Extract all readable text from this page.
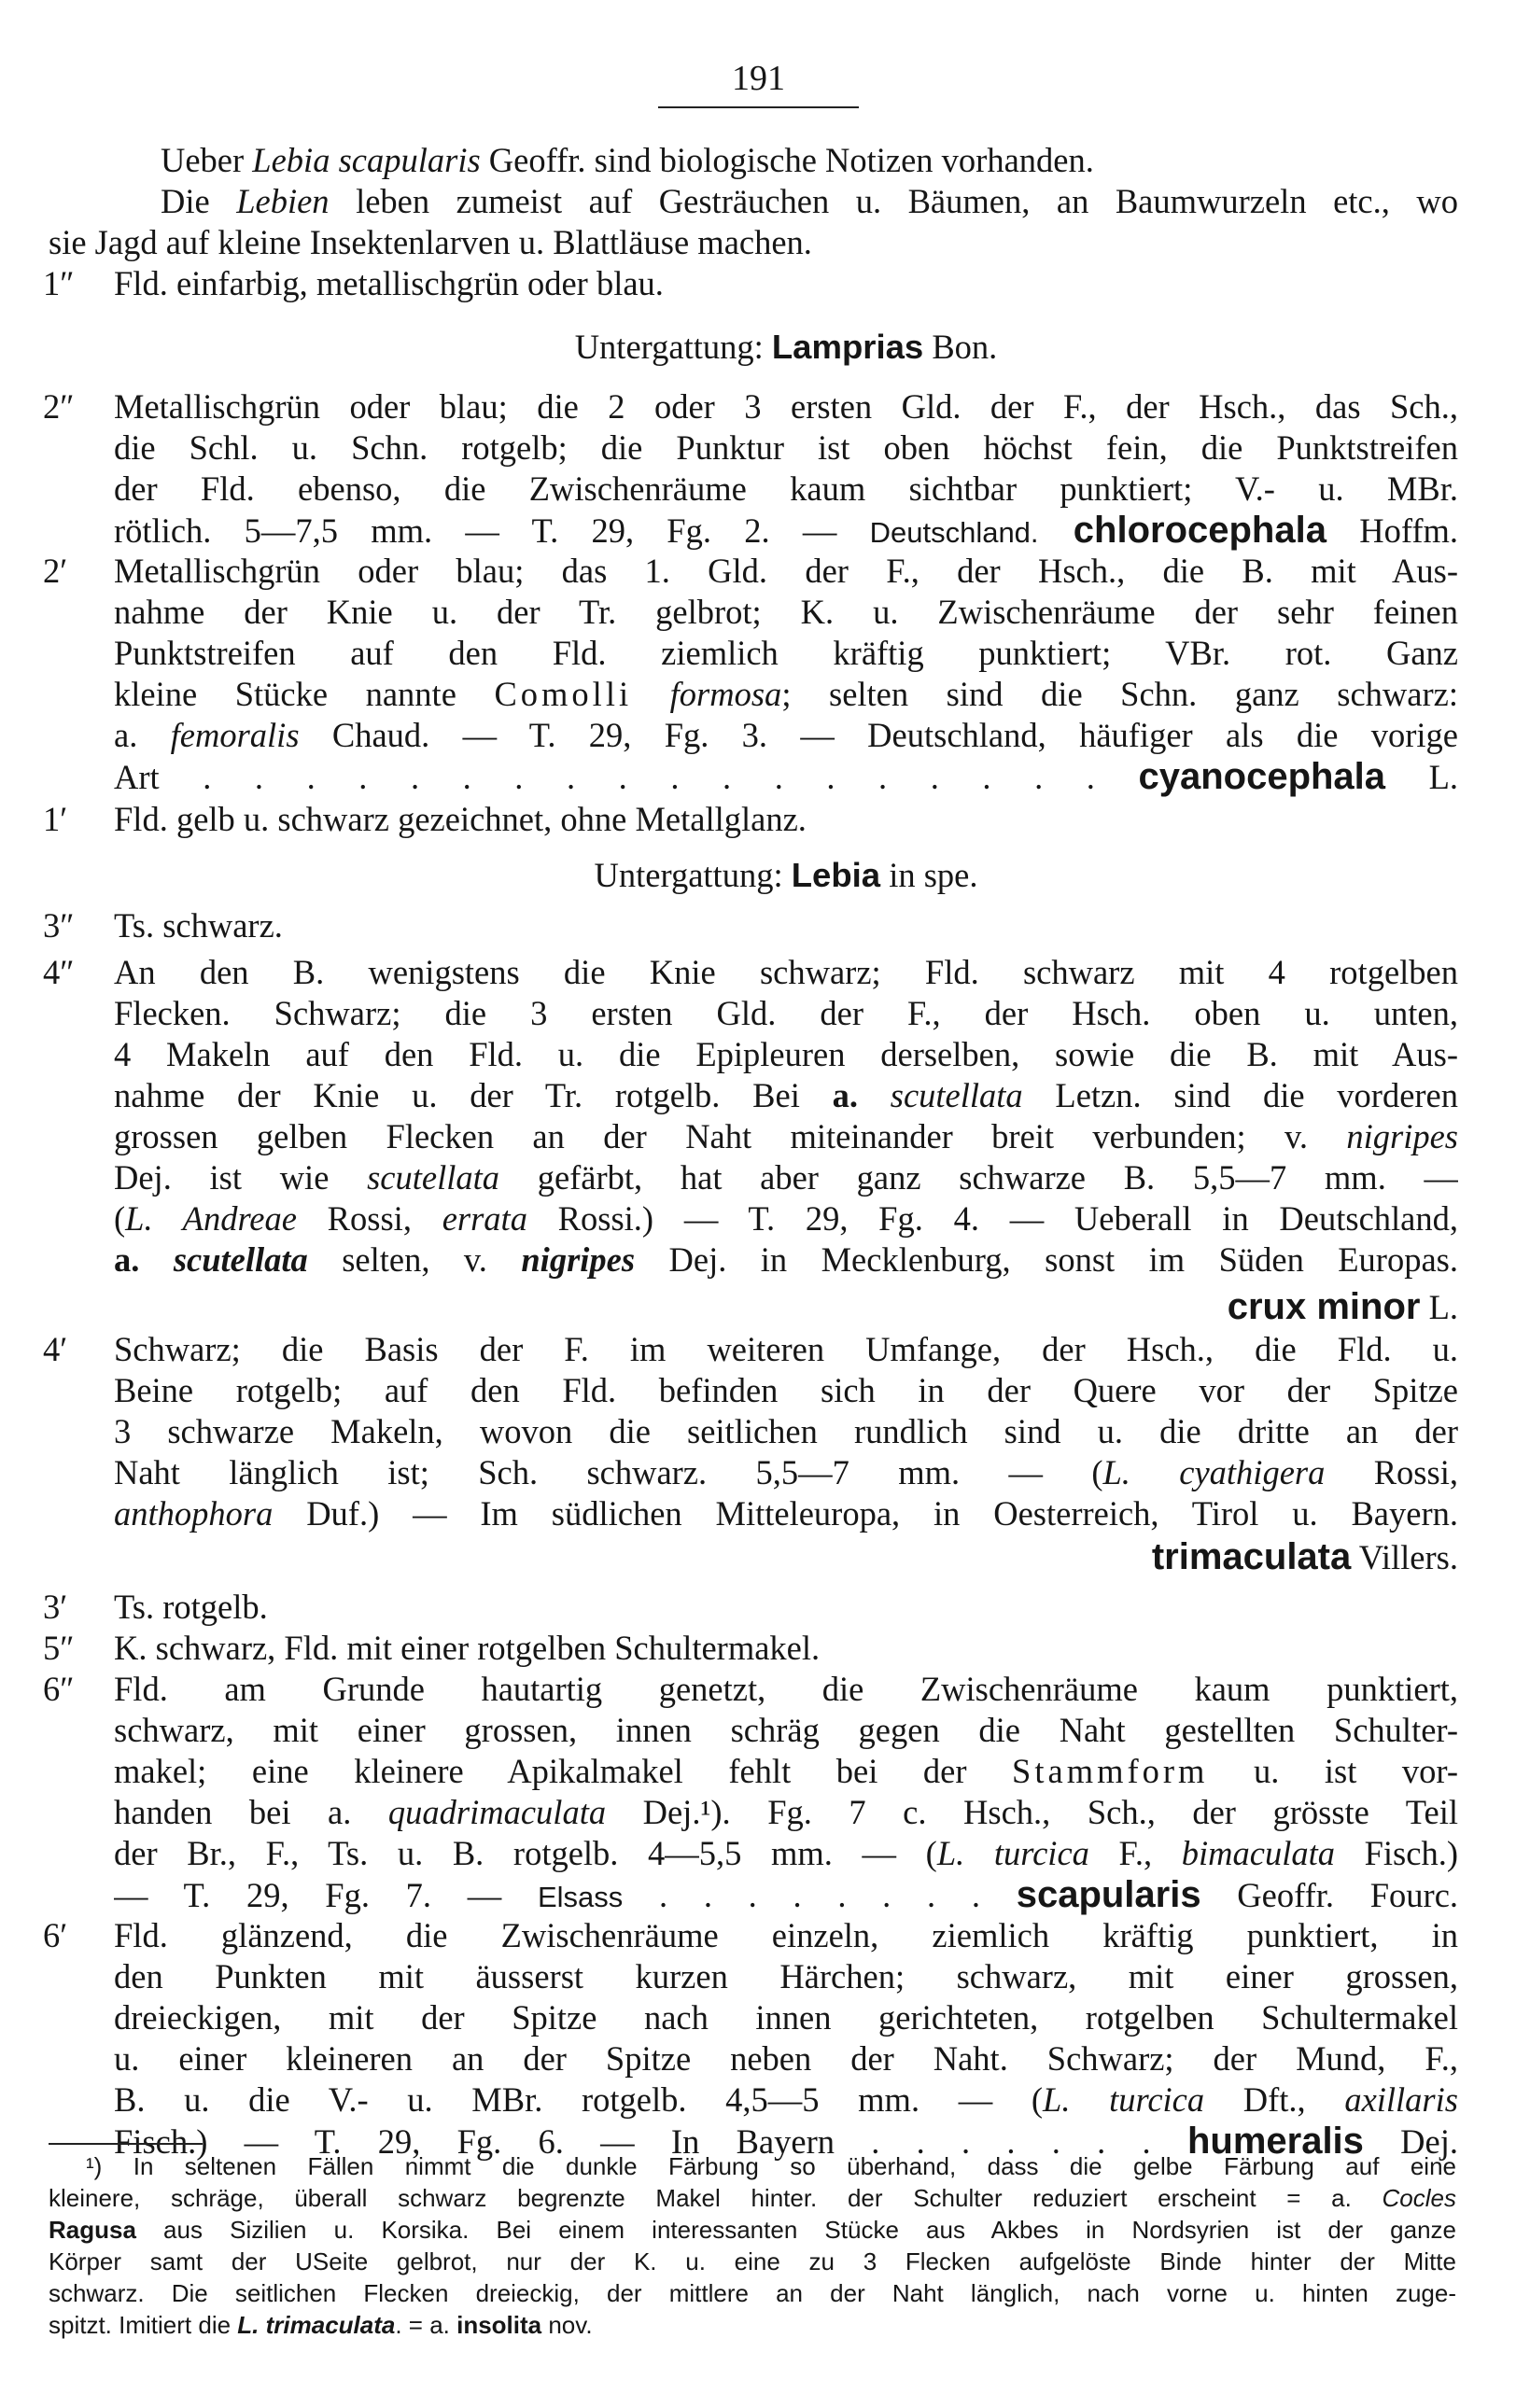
191
Ueber Lebia scapularis Geoffr. sind biologische Notizen vorhanden.
Die Lebien leben zumeist auf Gesträuchen u. Bäumen, an Baumwurzeln etc., wo
sie Jagd auf kleine Insektenlarven u. Blattläuse machen.
1″ Fld. einfarbig, metallischgrün oder blau.
Untergattung: Lamprias Bon.
2″ Metallischgrün oder blau; die 2 oder 3 ersten Gld. der F., der Hsch., das Sch.,
die Schl. u. Schn. rotgelb; die Punktur ist oben höchst fein, die Punktstreifen
der Fld. ebenso, die Zwischenräume kaum sichtbar punktiert; V.- u. MBr.
rötlich. 5—7,5 mm. — T. 29, Fg. 2. — Deutschland. chlorocephala Hoffm.
2′ Metallischgrün oder blau; das 1. Gld. der F., der Hsch., die B. mit Aus-
nahme der Knie u. der Tr. gelbrot; K. u. Zwischenräume der sehr feinen
Punktstreifen auf den Fld. ziemlich kräftig punktiert; VBr. rot. Ganz
kleine Stücke nannte Comolli formosa; selten sind die Schn. ganz schwarz:
a. femoralis Chaud. — T. 29, Fg. 3. — Deutschland, häufiger als die vorige
Art . . . . . . . . . . . . . . . . . . cyanocephala L.
1′ Fld. gelb u. schwarz gezeichnet, ohne Metallglanz.
Untergattung: Lebia in spe.
3″ Ts. schwarz.
4″ An den B. wenigstens die Knie schwarz; Fld. schwarz mit 4 rotgelben
Flecken. Schwarz; die 3 ersten Gld. der F., der Hsch. oben u. unten,
4 Makeln auf den Fld. u. die Epipleuren derselben, sowie die B. mit Aus-
nahme der Knie u. der Tr. rotgelb. Bei a. scutellata Letzn. sind die vorderen
grossen gelben Flecken an der Naht miteinander breit verbunden; v. nigripes
Dej. ist wie scutellata gefärbt, hat aber ganz schwarze B. 5,5—7 mm. —
(L. Andreae Rossi, errata Rossi.) — T. 29, Fg. 4. — Ueberall in Deutschland,
a. scutellata selten, v. nigripes Dej. in Mecklenburg, sonst im Süden Europas.
crux minor L.
4′ Schwarz; die Basis der F. im weiteren Umfange, der Hsch., die Fld. u.
Beine rotgelb; auf den Fld. befinden sich in der Quere vor der Spitze
3 schwarze Makeln, wovon die seitlichen rundlich sind u. die dritte an der
Naht länglich ist; Sch. schwarz. 5,5—7 mm. — (L. cyathigera Rossi,
anthophora Duf.) — Im südlichen Mitteleuropa, in Oesterreich, Tirol u. Bayern.
trimaculata Villers.
3′ Ts. rotgelb.
5″ K. schwarz, Fld. mit einer rotgelben Schultermakel.
6″ Fld. am Grunde hautartig genetzt, die Zwischenräume kaum punktiert,
schwarz, mit einer grossen, innen schräg gegen die Naht gestellten Schulter-
makel; eine kleinere Apikalmakel fehlt bei der Stammform u. ist vor-
handen bei a. quadrimaculata Dej.¹). Fg. 7 c. Hsch., Sch., der grösste Teil
der Br., F., Ts. u. B. rotgelb. 4—5,5 mm. — (L. turcica F., bimaculata Fisch.)
— T. 29, Fg. 7. — Elsass . . . . . . . . scapularis Geoffr. Fourc.
6′ Fld. glänzend, die Zwischenräume einzeln, ziemlich kräftig punktiert, in
den Punkten mit äusserst kurzen Härchen; schwarz, mit einer grossen,
dreieckigen, mit der Spitze nach innen gerichteten, rotgelben Schultermakel
u. einer kleineren an der Spitze neben der Naht. Schwarz; der Mund, F.,
B. u. die V.- u. MBr. rotgelb. 4,5—5 mm. — (L. turcica Dft., axillaris
Fisch.) — T. 29, Fg. 6. — In Bayern . . . . . . . humeralis Dej.
¹) In seltenen Fällen nimmt die dunkle Färbung so überhand, dass die gelbe Färbung auf eine
kleinere, schräge, überall schwarz begrenzte Makel hinter. der Schulter reduziert erscheint = a. Cocles
Ragusa aus Sizilien u. Korsika. Bei einem interessanten Stücke aus Akbes in Nordsyrien ist der ganze
Körper samt der USeite gelbrot, nur der K. u. eine zu 3 Flecken aufgelöste Binde hinter der Mitte
schwarz. Die seitlichen Flecken dreieckig, der mittlere an der Naht länglich, nach vorne u. hinten zuge-
spitzt. Imitiert die L. trimaculata. = a. insolita nov.
